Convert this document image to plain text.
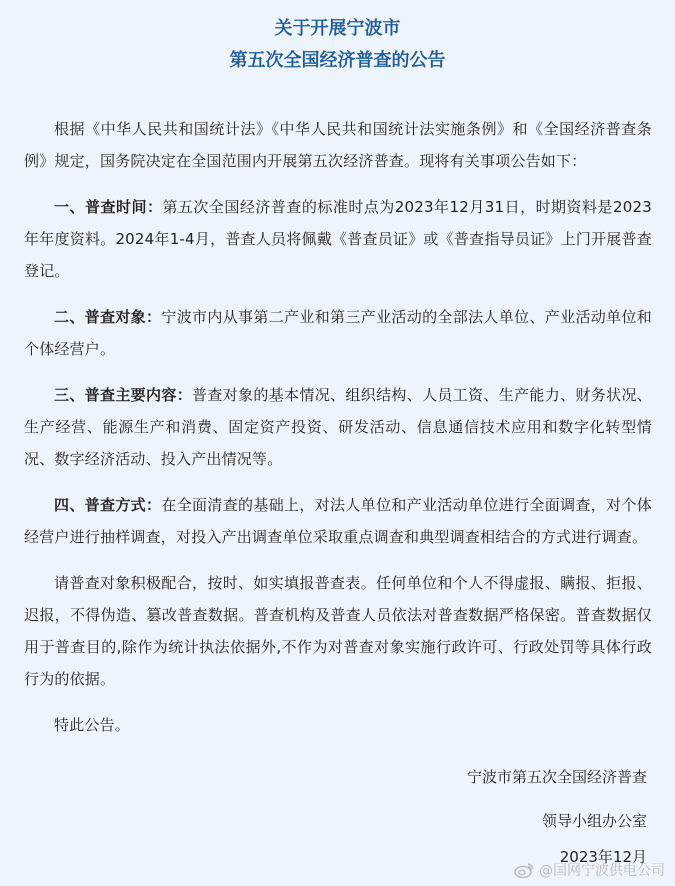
关于开展宁波市
第五次全国经济普查的公告

根据《中华人民共和国统计法》《中华人民共和国统计法实施条例》和《全国经济普查条例》规定，国务院决定在全国范围内开展第五次经济普查。现将有关事项公告如下：

一、普查时间：第五次全国经济普查的标准时点为2023年12月31日，时期资料是2023年年度资料。2024年1-4月，普查人员将佩戴《普查员证》或《普查指导员证》上门开展普查登记。

二、普查对象：宁波市内从事第二产业和第三产业活动的全部法人单位、产业活动单位和个体经营户。

三、普查主要内容：普查对象的基本情况、组织结构、人员工资、生产能力、财务状况、生产经营、能源生产和消费、固定资产投资、研发活动、信息通信技术应用和数字化转型情况、数字经济活动、投入产出情况等。

四、普查方式：在全面清查的基础上，对法人单位和产业活动单位进行全面调查，对个体经营户进行抽样调查，对投入产出调查单位采取重点调查和典型调查相结合的方式进行调查。

请普查对象积极配合，按时、如实填报普查表。任何单位和个人不得虚报、瞒报、拒报、迟报，不得伪造、篡改普查数据。普查机构及普查人员依法对普查数据严格保密。普查数据仅用于普查目的,除作为统计执法依据外,不作为对普查对象实施行政许可、行政处罚等具体行政行为的依据。

特此公告。

宁波市第五次全国经济普查
领导小组办公室
2023年12月
@国网宁波供电公司
